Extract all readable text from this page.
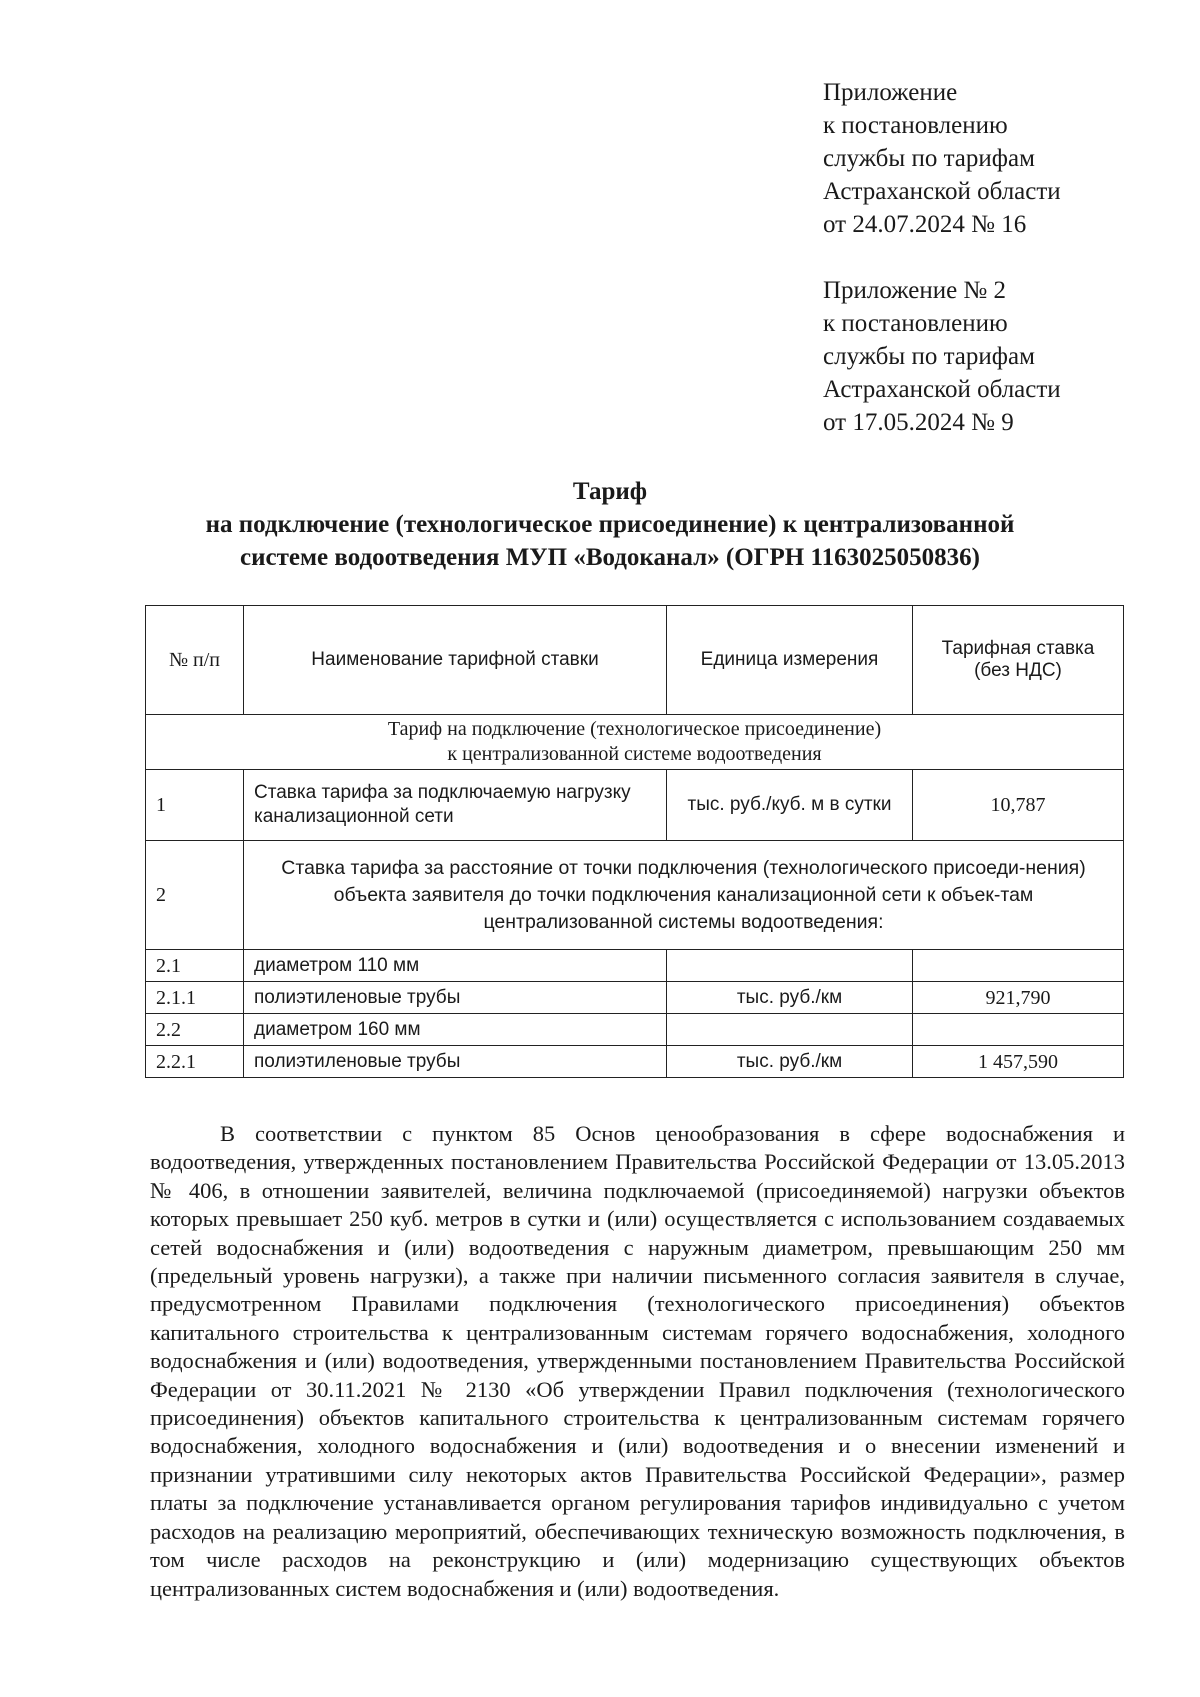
Приложение
к постановлению
службы по тарифам
Астраханской области
от 24.07.2024 № 16
Приложение № 2
к постановлению
службы по тарифам
Астраханской области
от 17.05.2024 № 9
Тариф
на подключение (технологическое присоединение) к централизованной
системе водоотведения МУП «Водоканал» (ОГРН 1163025050836)
№ п/п	Наименование тарифной ставки	Единица измерения	Тарифная ставка (без НДС)

Тариф на подключение (технологическое присоединение)
к централизованной системе водоотведения			

1	Ставка тарифа за подключаемую нагрузку канализационной сети	тыс. руб./куб. м в сутки	10,787
2	Ставка тарифа за расстояние от точки подключения (технологического присоеди-нения) объекта заявителя до точки подключения канализационной сети к объек-там централизованной системы водоотведения:		
2.1	диаметром 110 мм		
2.1.1	полиэтиленовые трубы	тыс. руб./км	921,790
2.2	диаметром 160 мм		
2.2.1	полиэтиленовые трубы	тыс. руб./км	1 457,590
В соответствии с пунктом 85 Основ ценообразования в сфере водоснабжения и водоотведения, утвержденных постановлением Правительства Российской Федерации от 13.05.2013 № 406, в отношении заявителей, величина подключаемой (присоединяемой) нагрузки объектов которых превышает 250 куб. метров в сутки и (или) осуществляется с использованием создаваемых сетей водоснабжения и (или) водоотведения с наружным диаметром, превышающим 250 мм (предельный уровень нагрузки), а также при наличии письменного согласия заявителя в случае, предусмотренном Правилами подключения (технологического присоединения) объектов капитального строительства к централизованным системам горячего водоснабжения, холодного водоснабжения и (или) водоотведения, утвержденными постановлением Правительства Российской Федерации от 30.11.2021 № 2130 «Об утверждении Правил подключения (технологического присоединения) объектов капитального строительства к централизованным системам горячего водоснабжения, холодного водоснабжения и (или) водоотведения и о внесении изменений и признании утратившими силу некоторых актов Правительства Российской Федерации», размер платы за подключение устанавливается органом регулирования тарифов индивидуально с учетом расходов на реализацию мероприятий, обеспечивающих техническую возможность подключения, в том числе расходов на реконструкцию и (или) модернизацию существующих объектов централизованных систем водоснабжения и (или) водоотведения.
